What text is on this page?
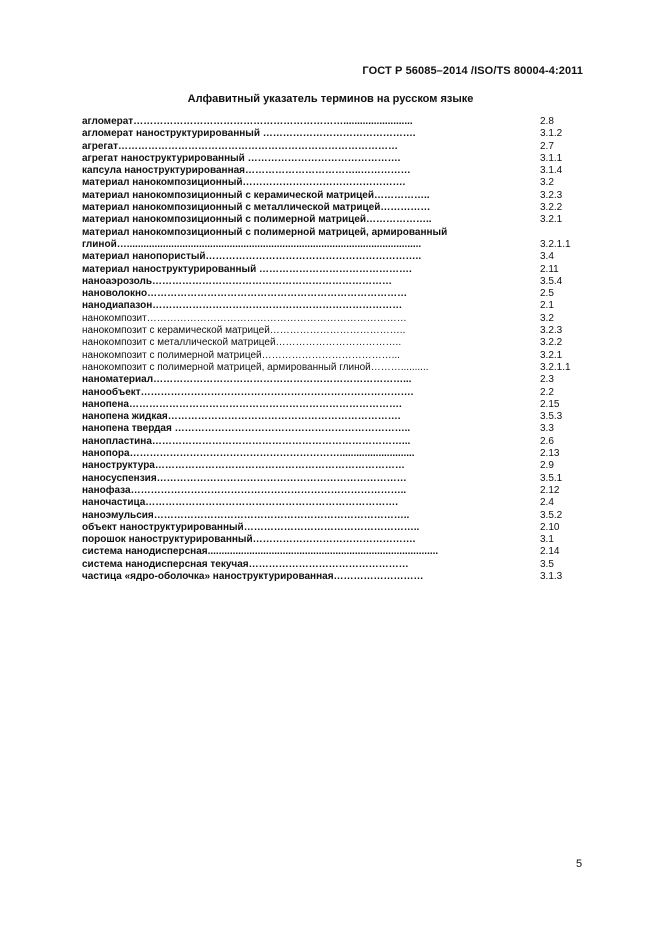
ГОСТ Р 56085–2014 /ISO/TS 80004-4:2011
Алфавитный указатель терминов на русском языке
агломерат……………………………………………………….........................	2.8
агломерат наноструктурированный ……………………………………….	3.1.2
агрегат…………………………………………………………………………	2.7
агрегат наноструктурированный ……………………………………….	3.1.1
капсула наноструктурированная……………………………..……………	3.1.4
материал нанокомпозиционный………………………………………….	3.2
материал нанокомпозиционный с керамической матрицей……………..	3.2.3
материал нанокомпозиционный с металлической матрицей……………	3.2.2
материал нанокомпозиционный с полимерной матрицей………………..	3.2.1
материал нанокомпозиционный с полимерной матрицей, армированный глиной…..........................................................................................................	3.2.1.1
материал нанопористый………………………………………………………..	3.4
материал наноструктурированный ……………………………………….	2.11
наноаэрозоль………………………………………………………………	3.5.4
нановолокно……………………………………………………………………	2.5
нанодиапазон…………………………………………………………………	2.1
нанокомпозит……………………………………………………………………	3.2
нанокомпозит с керамической матрицей…………………………………..	3.2.3
нанокомпозит с металлической матрицей………………………………..	3.2.2
нанокомпозит с полимерной матрицей…………………………………...	3.2.1
нанокомпозит с полимерной матрицей, армированный глиной………..........	3.2.1.1
наноматериал…………………………………………………………………...	2.3
нанообъект……………………………………………………………………….	2.2
нанопена……………………………………………………………………….	2.15
нанопена жидкая…………………………………………………………….	3.5.3
нанопена твердая ……………………………………………………………..	3.3
нанопластина…………………………………………………………………...	2.6
нанопора………………………………………………………...........................	2.13
наноструктура…………………………………………………………………	2.9
наносуспензия…………………………………………………………………	3.5.1
нанофаза………………………………………………………………………..	2.12
наночастица………………………………………………………………….	2.4
наноэмульсия…………………………………………………………………..	3.5.2
объект наноструктурированный……………………………………………..	2.10
порошок наноструктурированный………………………………………….	3.1
система нанодисперсная...................................................................................	2.14
система нанодисперсная текучая…………………………………………	3.5
частица «ядро-оболочка» наноструктурированная………………………	3.1.3
5
